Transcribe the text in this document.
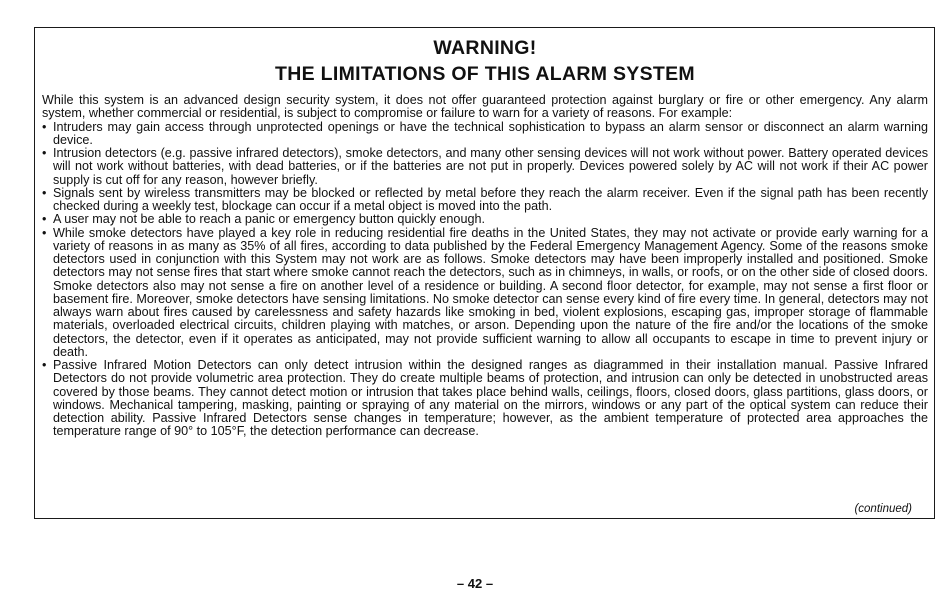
WARNING!
THE LIMITATIONS OF THIS ALARM SYSTEM

While this system is an advanced design security system, it does not offer guaranteed protection against burglary or fire or other emergency. Any alarm system, whether commercial or residential, is subject to compromise or failure to warn for a variety of reasons. For example:

• Intruders may gain access through unprotected openings or have the technical sophistication to bypass an alarm sensor or disconnect an alarm warning device.
• Intrusion detectors (e.g. passive infrared detectors), smoke detectors, and many other sensing devices will not work without power. Battery operated devices will not work without batteries, with dead batteries, or if the batteries are not put in properly. Devices powered solely by AC will not work if their AC power supply is cut off for any reason, however briefly.
• Signals sent by wireless transmitters may be blocked or reflected by metal before they reach the alarm receiver. Even if the signal path has been recently checked during a weekly test, blockage can occur if a metal object is moved into the path.
• A user may not be able to reach a panic or emergency button quickly enough.
• While smoke detectors have played a key role in reducing residential fire deaths in the United States, they may not activate or provide early warning for a variety of reasons in as many as 35% of all fires, according to data published by the Federal Emergency Management Agency. Some of the reasons smoke detectors used in conjunction with this System may not work are as follows. Smoke detectors may have been improperly installed and positioned. Smoke detectors may not sense fires that start where smoke cannot reach the detectors, such as in chimneys, in walls, or roofs, or on the other side of closed doors. Smoke detectors also may not sense a fire on another level of a residence or building. A second floor detector, for example, may not sense a first floor or basement fire. Moreover, smoke detectors have sensing limitations. No smoke detector can sense every kind of fire every time. In general, detectors may not always warn about fires caused by carelessness and safety hazards like smoking in bed, violent explosions, escaping gas, improper storage of flammable materials, overloaded electrical circuits, children playing with matches, or arson. Depending upon the nature of the fire and/or the locations of the smoke detectors, the detector, even if it operates as anticipated, may not provide sufficient warning to allow all occupants to escape in time to prevent injury or death.
• Passive Infrared Motion Detectors can only detect intrusion within the designed ranges as diagrammed in their installation manual. Passive Infrared Detectors do not provide volumetric area protection. They do create multiple beams of protection, and intrusion can only be detected in unobstructed areas covered by those beams. They cannot detect motion or intrusion that takes place behind walls, ceilings, floors, closed doors, glass partitions, glass doors, or windows. Mechanical tampering, masking, painting or spraying of any material on the mirrors, windows or any part of the optical system can reduce their detection ability. Passive Infrared Detectors sense changes in temperature; however, as the ambient temperature of protected area approaches the temperature range of 90° to 105°F, the detection performance can decrease.
(continued)
– 42 –
